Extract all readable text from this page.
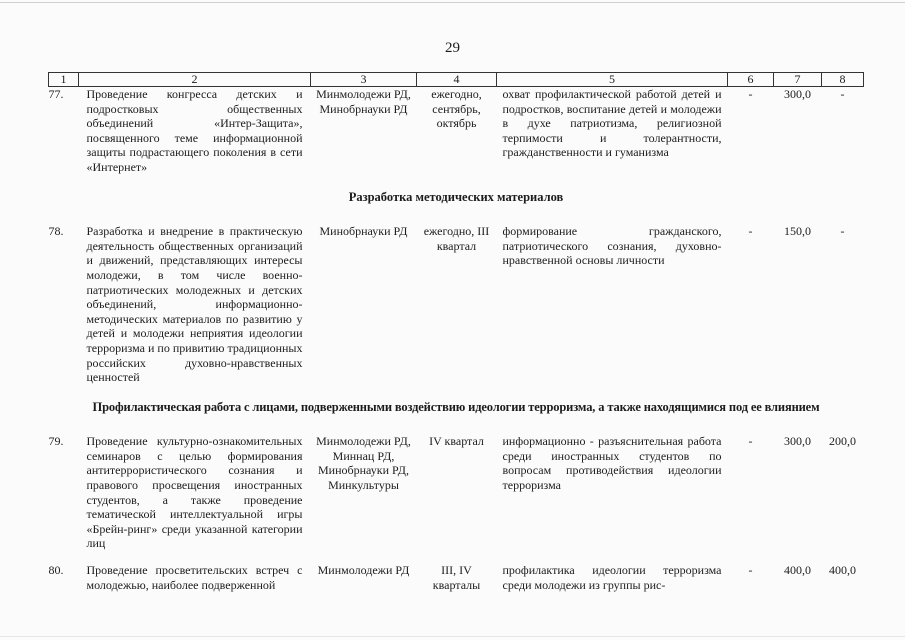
29
1	2	3	4	5	6	7	8
77.	Проведение конгресса детских и подростковых общественных объединений «Интер-Защита», посвященного теме информационной защиты подрастающего поколения в сети «Интернет»	Минмолодежи РД, Минобрнауки РД	ежегодно, сентябрь, октябрь	охват профилактической работой детей и подростков, воспитание детей и молодежи в духе патриотизма, религиозной терпимости и толерантности, гражданственности и гуманизма	-	300,0	-
Разработка методических материалов							
78.	Разработка и внедрение в практическую деятельность общественных организаций и движений, представляющих интересы молодежи, в том числе военно-патриотических молодежных и детских объединений, информационно-методических материалов по развитию у детей и молодежи неприятия идеологии терроризма и по привитию традиционных российских духовно-нравственных ценностей	Минобрнауки РД	ежегодно, III квартал	формирование гражданского, патриотического сознания, духовно-нравственной основы личности	-	150,0	-
Профилактическая работа с лицами, подверженными воздействию идеологии терроризма, а также находящимися под ее влиянием							
79.	Проведение культурно-ознакомительных семинаров с целью формирования антитеррористического сознания и правового просвещения иностранных студентов, а также проведение тематической интеллектуальной игры «Брейн-ринг» среди указанной категории лиц	Минмолодежи РД, Миннац РД, Минобрнауки РД, Минкультуры	IV квартал	информационно - разъяснительная работа среди иностранных студентов по вопросам противодействия идеологии терроризма	-	300,0	200,0

80.	Проведение просветительских встреч с молодежью, наиболее подверженной	Минмолодежи РД	III, IV кварталы	профилактика идеологии терроризма среди молодежи из группы рис-	-	400,0	400,0
